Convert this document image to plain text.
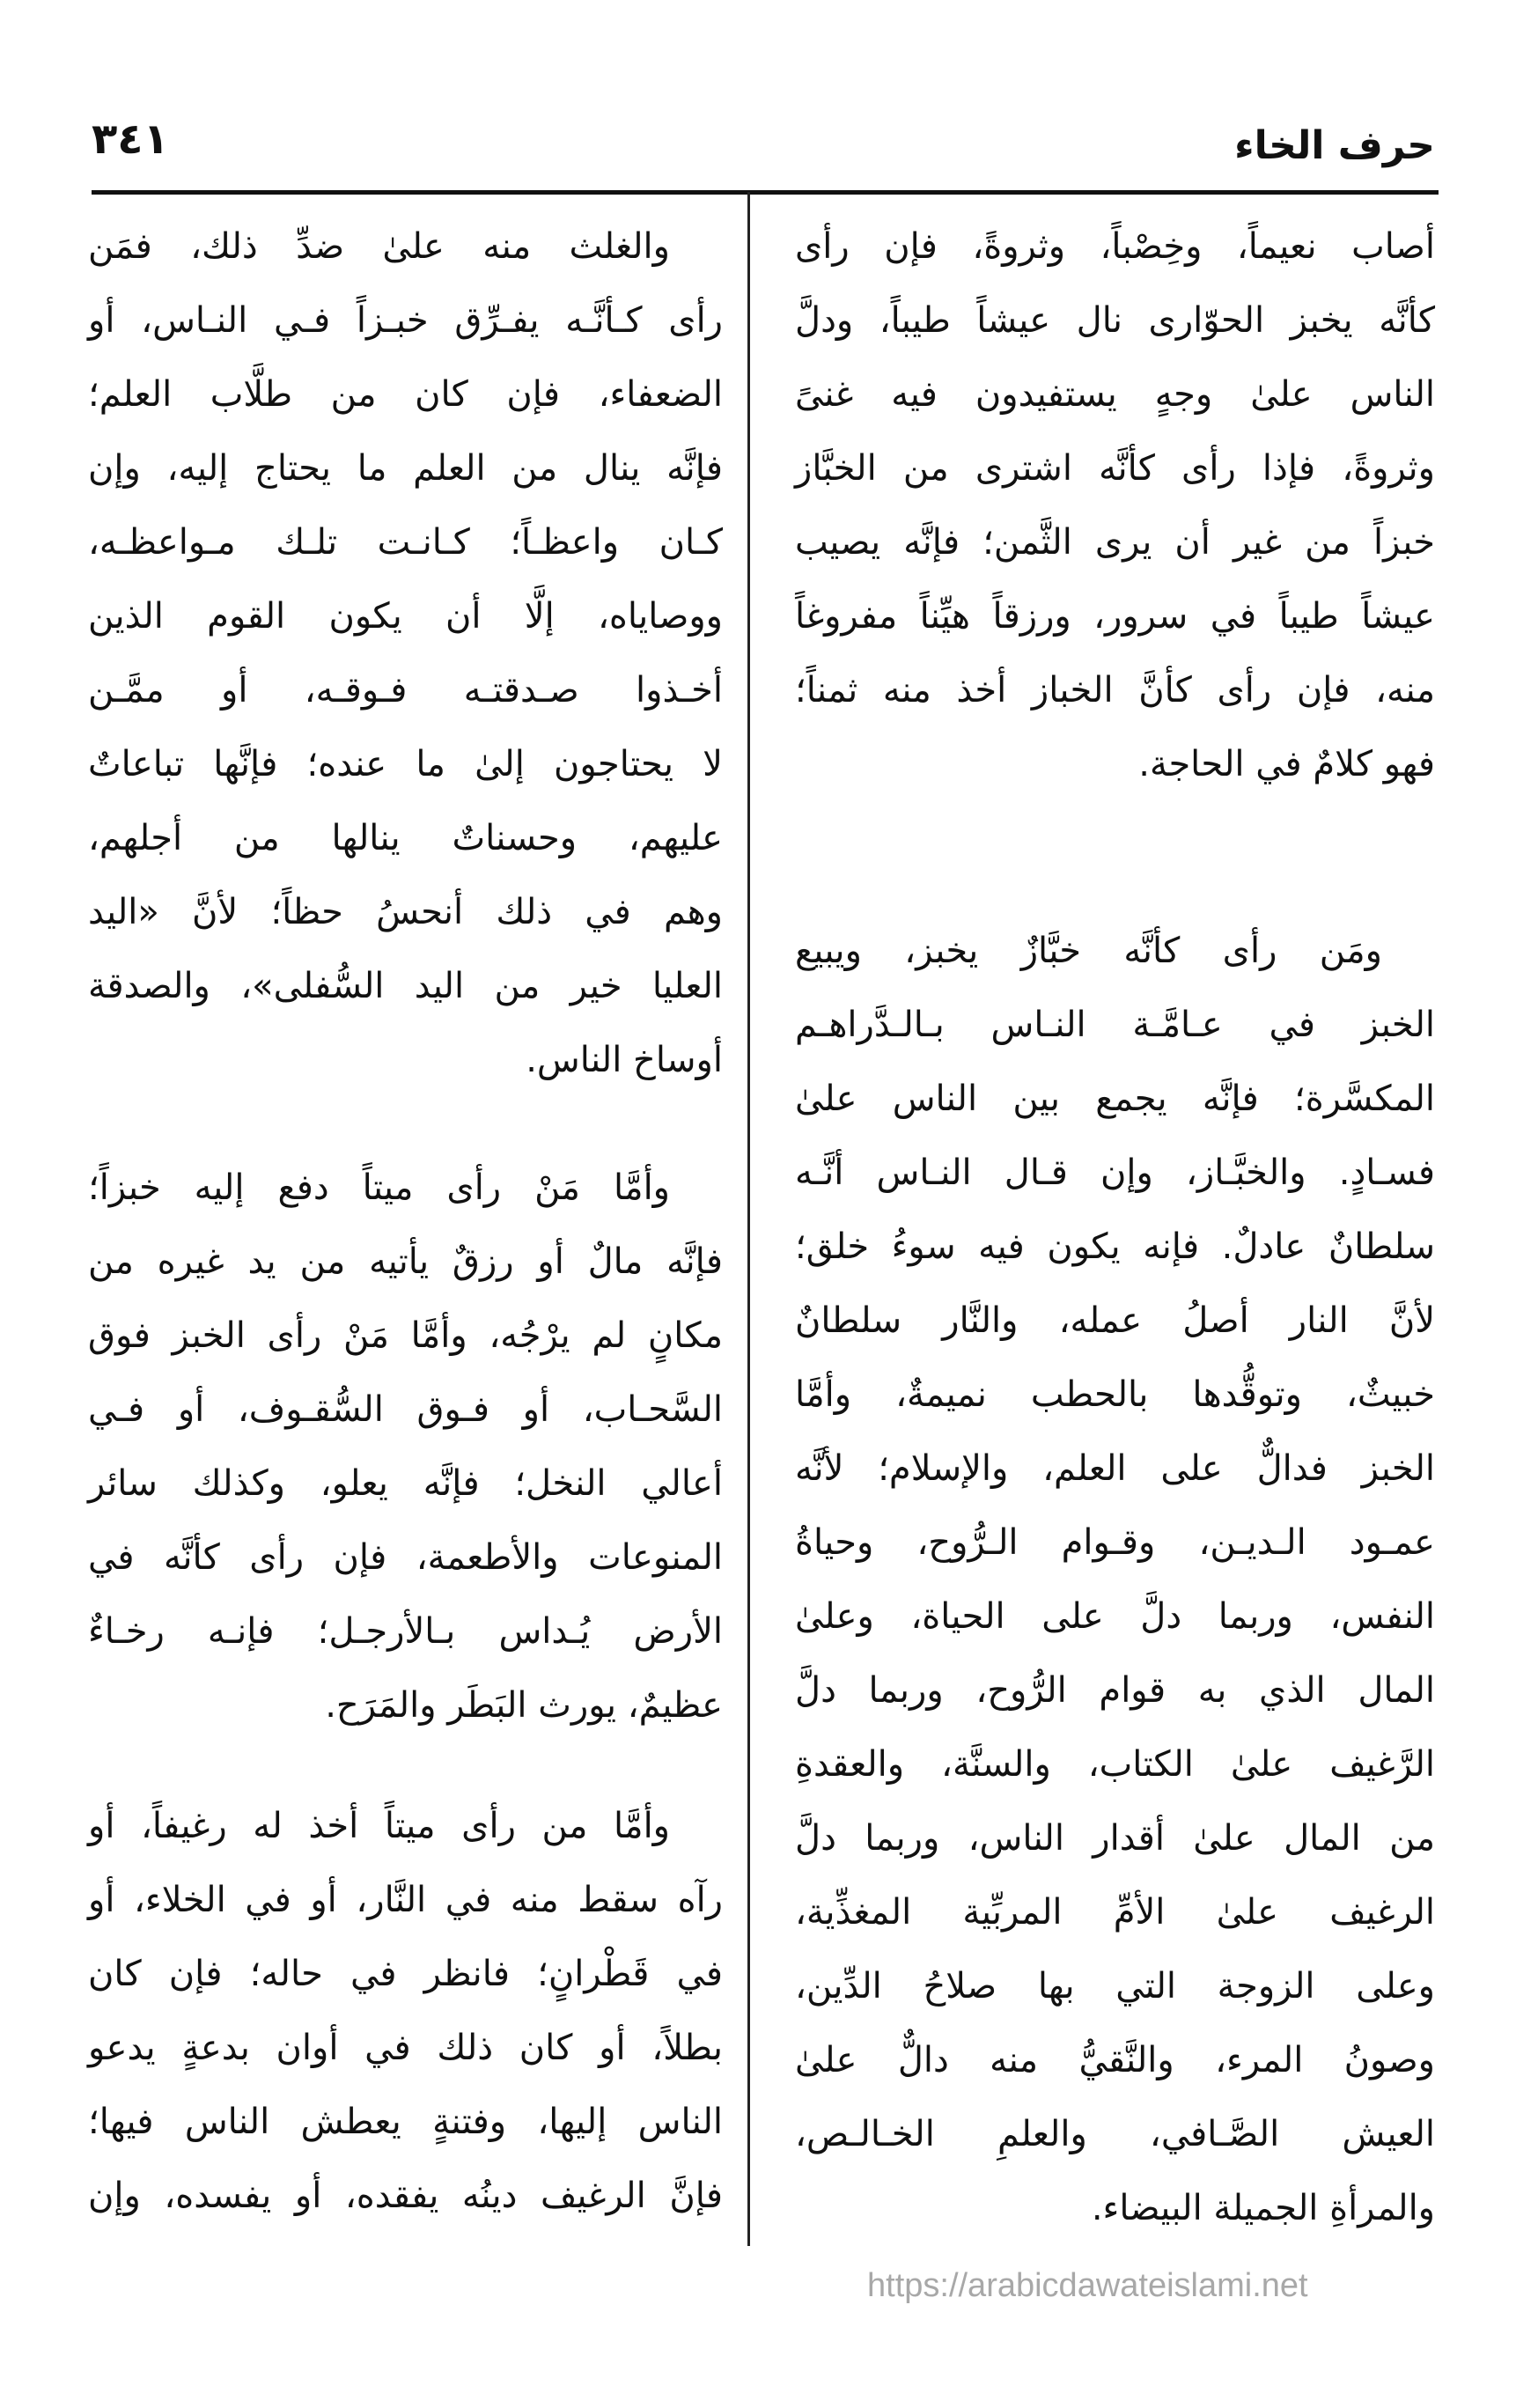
حرف الخاء
٣٤١
أصاب نعيماً، وخِصْباً، وثروةً، فإن رأى
كأنَّه يخبز الحوّارى نال عيشاً طيباً، ودلَّ
الناس علىٰ وجهٍ يستفيدون فيه غنىً
وثروةً، فإذا رأى كأنَّه اشترى من الخبَّاز
خبزاً من غير أن يرى الثَّمن؛ فإنَّه يصيب
عيشاً طيباً في سرور، ورزقاً هيِّناً مفروغاً
منه، فإن رأى كأنَّ الخباز أخذ منه ثمناً؛
فهو كلامٌ في الحاجة.
ومَن رأى كأنَّه خبَّازٌ يخبز، ويبيع
الخبز في عـامَّـة النـاس بـالـدَّراهـم
المكسَّرة؛ فإنَّه يجمع بين الناس علىٰ
فسـادٍ. والخبَّـاز، وإن قـال النـاس أنَّـه
سلطانٌ عادلٌ. فإنه يكون فيه سوءُ خلق؛
لأنَّ النار أصلُ عمله، والنَّار سلطانٌ
خبيثٌ، وتوقُّدها بالحطب نميمةٌ، وأمَّا
الخبز فدالٌّ على العلم، والإسلام؛ لأنَّه
عمـود الـديـن، وقـوام الـرُّوح، وحياةُ
النفس، وربما دلَّ على الحياة، وعلىٰ
المال الذي به قوام الرُّوح، وربما دلَّ
الرَّغيف علىٰ الكتاب، والسنَّة، والعقدةِ
من المال علىٰ أقدار الناس، وربما دلَّ
الرغيف علىٰ الأمِّ المربِّية المغذِّية،
وعلى الزوجة التي بها صلاحُ الدِّين،
وصونُ المرء، والنَّقيُّ منه دالٌّ علىٰ
العيش الصَّـافي، والعلمِ الخـالـص،
والمرأةِ الجميلة البيضاء.
والغلث منه علىٰ ضدِّ ذلك، فمَن
رأى كـأنَّـه يفـرِّق خبـزاً فـي النـاس، أو
الضعفاء، فإن كان من طلَّاب العلم؛
فإنَّه ينال من العلم ما يحتاج إليه، وإن
كـان واعظـاً؛ كـانـت تلـك مـواعظـه،
ووصاياه، إلَّا أن يكون القوم الذين
أخـذوا صـدقتـه فـوقـه، أو ممَّـن
لا يحتاجون إلىٰ ما عنده؛ فإنَّها تباعاتٌ
عليهم، وحسناتٌ ينالها من أجلهم،
وهم في ذلك أنحسُ حظاً؛ لأنَّ «اليد
العليا خير من اليد السُّفلى»، والصدقة
أوساخ الناس.
وأمَّا مَنْ رأى ميتاً دفع إليه خبزاً؛
فإنَّه مالٌ أو رزقٌ يأتيه من يد غيره من
مكانٍ لم يرْجُه، وأمَّا مَنْ رأى الخبز فوق
السَّحـاب، أو فـوق السُّقـوف، أو فـي
أعالي النخل؛ فإنَّه يعلو، وكذلك سائر
المنوعات والأطعمة، فإن رأى كأنَّه في
الأرض يُـداس بـالأرجـل؛ فإنـه رخـاءٌ
عظيمٌ، يورث البَطَر والمَرَح.
وأمَّا من رأى ميتاً أخذ له رغيفاً، أو
رآه سقط منه في النَّار، أو في الخلاء، أو
في قَطْرانٍ؛ فانظر في حاله؛ فإن كان
بطلاً، أو كان ذلك في أوان بدعةٍ يدعو
الناس إليها، وفتنةٍ يعطش الناس فيها؛
فإنَّ الرغيف دينُه يفقده، أو يفسده، وإن
https://arabicdawateislami.net
